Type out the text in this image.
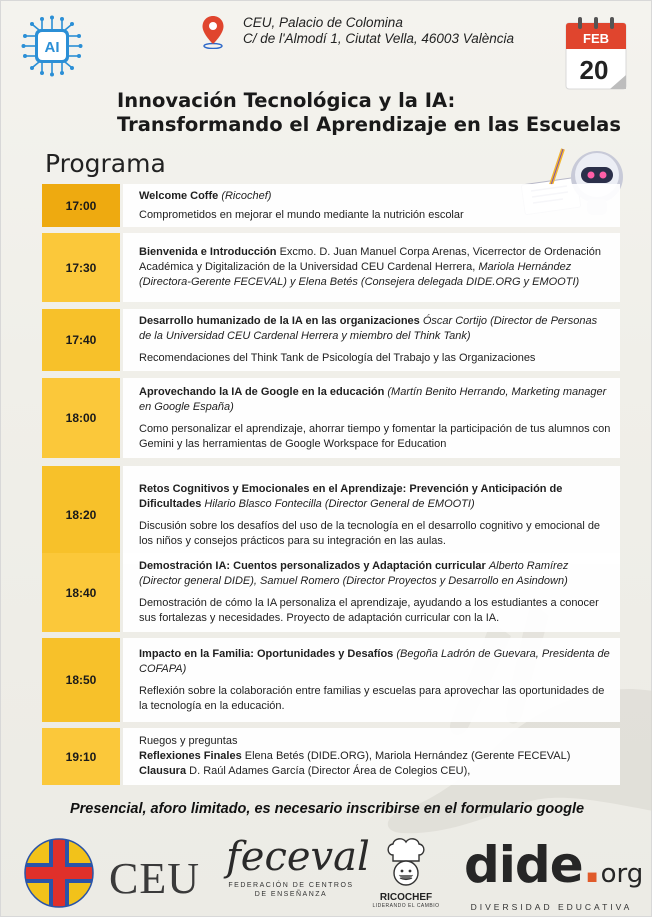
AI
CEU, Palacio de Colomina
C/ de l'Almodí 1, Ciutat Vella, 46003 València	FEB
20
Innovación Tecnológica y la IA:
Transformando el Aprendizaje en las Escuelas
Programa
17:00
Welcome Coffe (Ricochef)
Comprometidos en mejorar el mundo mediante la nutrición escolar
17:30
Bienvenida e Introducción Excmo. D. Juan Manuel Corpa Arenas, Vicerrector de Ordenación Académica y Digitalización de la Universidad CEU Cardenal Herrera, Mariola Hernández (Directora-Gerente FECEVAL) y Elena Betés (Consejera delegada DIDE.ORG y EMOOTI)
17:40
Desarrollo humanizado de la IA en las organizaciones Óscar Cortijo (Director de Personas de la Universidad CEU Cardenal Herrera y miembro del Think Tank)
Recomendaciones del Think Tank de Psicología del Trabajo y las Organizaciones
18:00
Aprovechando la IA de Google en la educación (Martín Benito Herrando, Marketing manager en Google España)
Como personalizar el aprendizaje, ahorrar tiempo y fomentar la participación de tus alumnos con Gemini y las herramientas de Google Workspace for Education
18:20
Retos Cognitivos y Emocionales en el Aprendizaje: Prevención y Anticipación de Dificultades Hilario Blasco Fontecilla (Director General de EMOOTI)
Discusión sobre los desafíos del uso de la tecnología en el desarrollo cognitivo y emocional de los niños y consejos prácticos para su integración en las aulas.
18:40
Demostración IA: Cuentos personalizados y Adaptación curricular Alberto Ramírez (Director general DIDE), Samuel Romero (Director Proyectos y Desarrollo en Asindown)
Demostración de cómo la IA personaliza el aprendizaje, ayudando a los estudiantes a conocer sus fortalezas y necesidades. Proyecto de adaptación curricular con la IA.
18:50
Impacto en la Familia: Oportunidades y Desafíos (Begoña Ladrón de Guevara, Presidenta de COFAPA)
Reflexión sobre la colaboración entre familias y escuelas para aprovechar las oportunidades de la tecnología en la educación.
19:10
Ruegos y preguntas
Reflexiones Finales Elena Betés (DIDE.ORG), Mariola Hernández (Gerente FECEVAL)
Clausura D. Raúl Adames García (Director Área de Colegios CEU),
Presencial, aforo limitado, es necesario inscribirse en el formulario google
CEU feceval
FEDERACIÓN DE CENTROS
DE ENSEÑANZA	RICOCHEF
LIDERANDO EL CAMBIO
dide.org
DIVERSIDAD EDUCATIVA
